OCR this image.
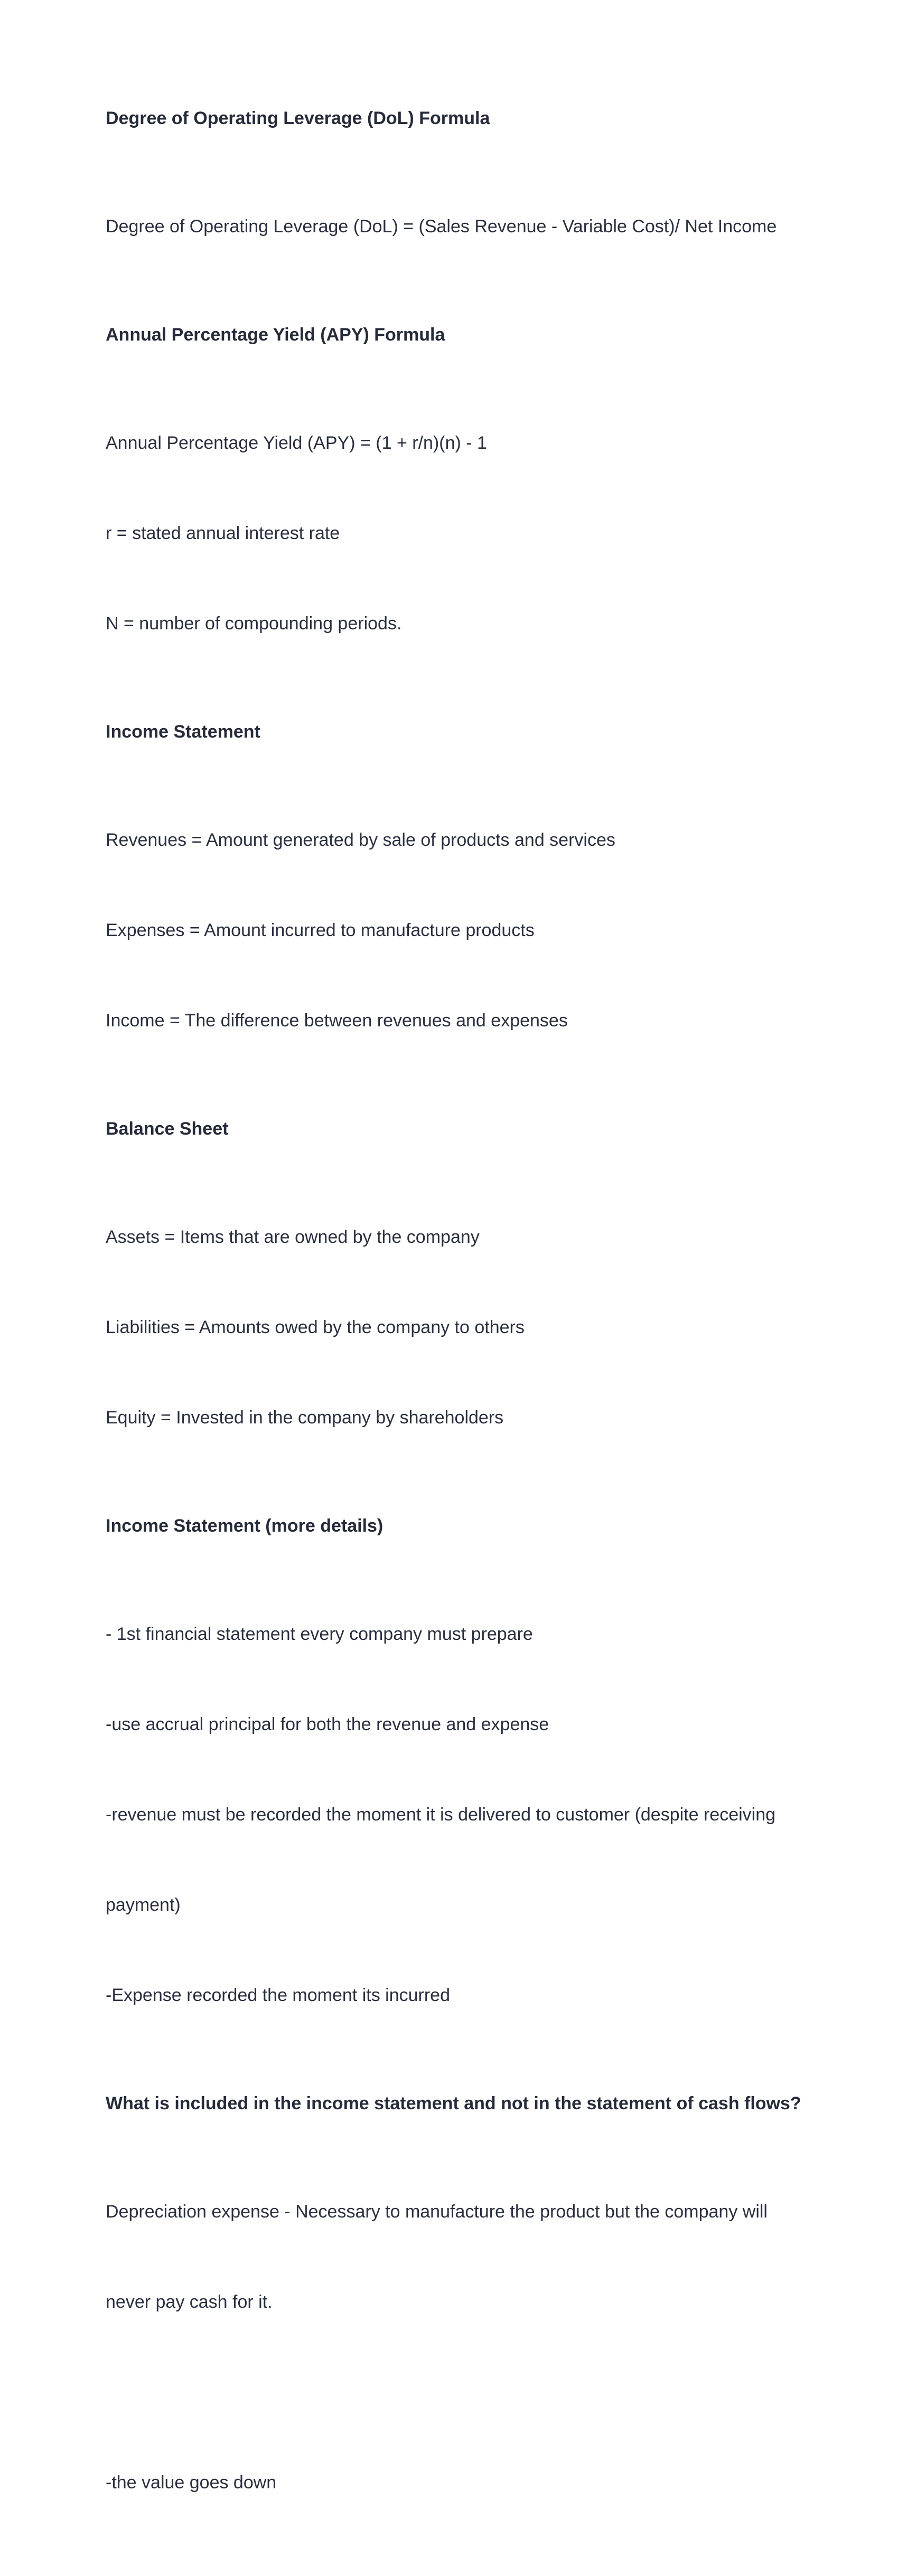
Degree of Operating Leverage (DoL) Formula

Degree of Operating Leverage (DoL) = (Sales Revenue - Variable Cost)/ Net Income

Annual Percentage Yield (APY) Formula

Annual Percentage Yield (APY) = (1 + r/n)(n) - 1

r = stated annual interest rate

N = number of compounding periods.

Income Statement

Revenues = Amount generated by sale of products and services

Expenses = Amount incurred to manufacture products

Income = The difference between revenues and expenses

Balance Sheet

Assets = Items that are owned by the company

Liabilities = Amounts owed by the company to others

Equity = Invested in the company by shareholders

Income Statement (more details)

- 1st financial statement every company must prepare

-use accrual principal for both the revenue and expense

-revenue must be recorded the moment it is delivered to customer (despite receiving

payment)

-Expense recorded the moment its incurred

What is included in the income statement and not in the statement of cash flows?

Depreciation expense - Necessary to manufacture the product but the company will

never pay cash for it.

-the value goes down
